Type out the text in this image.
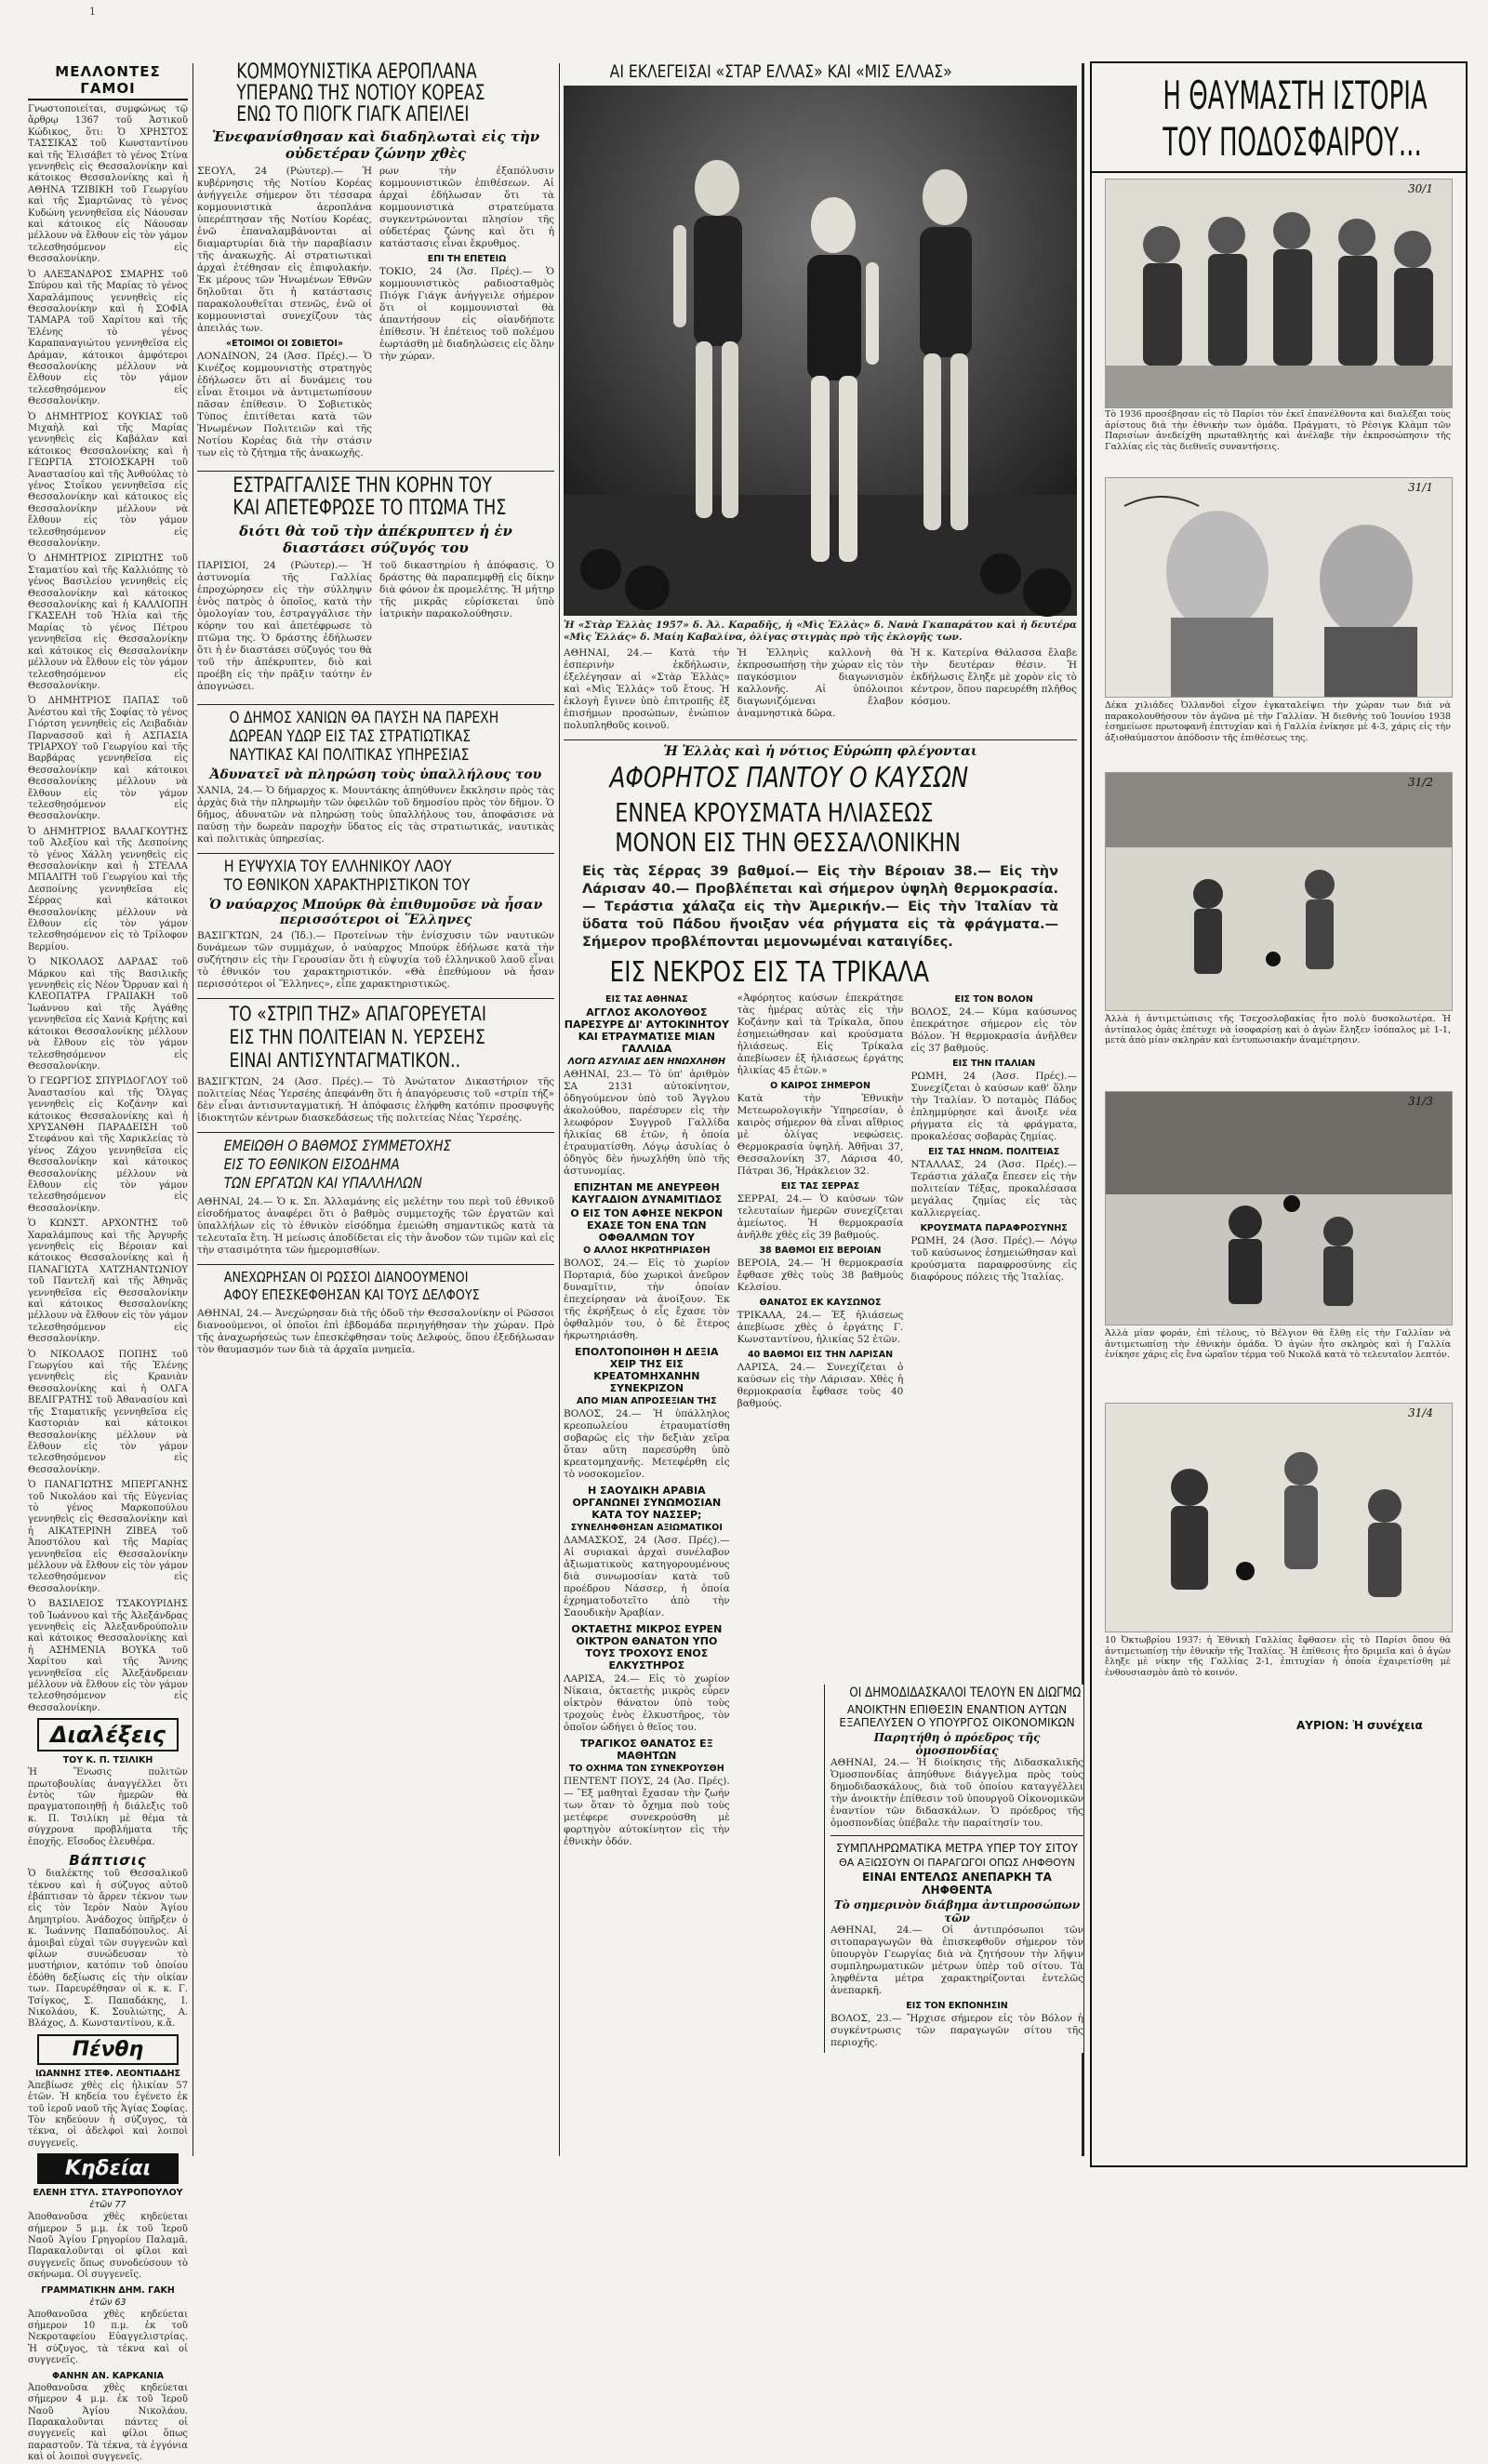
1
ΜΕΛΛΟΝΤΕΣ ΓΑΜΟΙ

Γνωστοποιείται, συμφώνως τῷ ἄρθρῳ 1367 τοῦ Ἀστικοῦ Κώδικος, ὅτι: Ὁ ΧΡΗΣΤΟΣ ΤΑΣΣΙΚΑΣ τοῦ Κωνσταντίνου καὶ τῆς Ἐλισάβετ τὸ γένος Στίνα γεννηθεὶς εἰς Θεσσαλονίκην καὶ κάτοικος Θεσσαλονίκης καὶ ἡ ΑΘΗΝΑ ΤΖΙΒΙΚΗ τοῦ Γεωργίου καὶ τῆς Σμαρτῶνας τὸ γένος Κυδώνη γεννηθεῖσα εἰς Νάουσαν καὶ κάτοικος εἰς Νάουσαν μέλλουν νὰ ἔλθουν εἰς τὸν γάμον τελεσθησόμενον εἰς Θεσσαλονίκην.

Ὁ ΑΛΕΞΑΝΔΡΟΣ ΣΜΑΡΗΣ τοῦ Σπύρου καὶ τῆς Μαρίας τὸ γένος Χαραλάμπους γεννηθεὶς εἰς Θεσσαλονίκην καὶ ἡ ΣΟΦΙΑ ΤΑΜΑΡΑ τοῦ Χαρίτου καὶ τῆς Ἐλένης τὸ γένος Καραπαναγιώτου γεννηθεῖσα εἰς Δράμαν, κάτοικοι ἀμφότεροι Θεσσαλονίκης μέλλουν νὰ ἔλθουν εἰς τὸν γάμον τελεσθησόμενον εἰς Θεσσαλονίκην.

Ὁ ΔΗΜΗΤΡΙΟΣ ΚΟΥΚΙΑΣ τοῦ Μιχαὴλ καὶ τῆς Μαρίας γεννηθεὶς εἰς Καβάλαν καὶ κάτοικος Θεσσαλονίκης καὶ ἡ ΓΕΩΡΓΙΑ ΣΤΟΙΟΣΚΑΡΗ τοῦ Ἀναστασίου καὶ τῆς Ἀνθούλας τὸ γένος Στοΐκου γεννηθεῖσα εἰς Θεσσαλονίκην καὶ κάτοικος εἰς Θεσσαλονίκην μέλλουν νὰ ἔλθουν εἰς τὸν γάμον τελεσθησόμενον εἰς Θεσσαλονίκην.

Ὁ ΔΗΜΗΤΡΙΟΣ ΖΙΡΙΩΤΗΣ τοῦ Σταματίου καὶ τῆς Καλλιόπης τὸ γένος Βασιλείου γεννηθεὶς εἰς Θεσσαλονίκην καὶ κάτοικος Θεσσαλονίκης καὶ ἡ ΚΑΛΛΙΟΠΗ ΓΚΑΣΕΛΗ τοῦ Ἠλία καὶ τῆς Μαρίας τὸ γένος Πέτρου γεννηθεῖσα εἰς Θεσσαλονίκην καὶ κάτοικος εἰς Θεσσαλονίκην μέλλουν νὰ ἔλθουν εἰς τὸν γάμον τελεσθησόμενον εἰς Θεσσαλονίκην.

Ὁ ΔΗΜΗΤΡΙΟΣ ΠΑΠΑΣ τοῦ Ἀνέστου καὶ τῆς Σοφίας τὸ γένος Γιόρτση γεννηθεὶς εἰς Λειβαδιὰν Παρνασσοῦ καὶ ἡ ΑΣΠΑΣΙΑ ΤΡΙΑΡΧΟΥ τοῦ Γεωργίου καὶ τῆς Βαρβάρας γεννηθεῖσα εἰς Θεσσαλονίκην καὶ κάτοικοι Θεσσαλονίκης μέλλουν νὰ ἔλθουν εἰς τὸν γάμον τελεσθησόμενον εἰς Θεσσαλονίκην.

Ὁ ΔΗΜΗΤΡΙΟΣ ΒΑΛΑΓΚΟΥΤΗΣ τοῦ Ἀλεξίου καὶ τῆς Δεσποίνης τὸ γένος Χάλλη γεννηθεὶς εἰς Θεσσαλονίκην καὶ ἡ ΣΤΕΛΛΑ ΜΠΑΛΙΤΗ τοῦ Γεωργίου καὶ τῆς Δεσποίνης γεννηθεῖσα εἰς Σέρρας καὶ κάτοικοι Θεσσαλονίκης μέλλουν νὰ ἔλθουν εἰς τὸν γάμον τελεσθησόμενον εἰς τὸ Τρίλοφον Βερμίου.

Ὁ ΝΙΚΟΛΑΟΣ ΔΑΡΔΑΣ τοῦ Μάρκου καὶ τῆς Βασιλικῆς γεννηθεὶς εἰς Νέον Ὄρρυαν καὶ ἡ ΚΛΕΟΠΑΤΡΑ ΓΡΑΙΙΑΚΗ τοῦ Ἰωάννου καὶ τῆς Ἀγάθης γεννηθεῖσα εἰς Χανιὰ Κρήτης καὶ κάτοικοι Θεσσαλονίκης μέλλουν νὰ ἔλθουν εἰς τὸν γάμον τελεσθησόμενον εἰς Θεσσαλονίκην.

Ὁ ΓΕΩΡΓΙΟΣ ΣΠΥΡΙΔΟΓΛΟΥ τοῦ Ἀναστασίου καὶ τῆς Ὄλγας γεννηθεὶς εἰς Κοζάνην καὶ κάτοικος Θεσσαλονίκης καὶ ἡ ΧΡΥΣΑΝΘΗ ΠΑΡΑΔΕΙΣΗ τοῦ Στεφάνου καὶ τῆς Χαρικλείας τὸ γένος Ζάχου γεννηθεῖσα εἰς Θεσσαλονίκην καὶ κάτοικος Θεσσαλονίκης μέλλουν νὰ ἔλθουν εἰς τὸν γάμον τελεσθησόμενον εἰς Θεσσαλονίκην.

Ὁ ΚΩΝΣΤ. ΑΡΧΟΝΤΗΣ τοῦ Χαραλάμπους καὶ τῆς Ἀργυρῆς γεννηθεὶς εἰς Βέροιαν καὶ κάτοικος Θεσσαλονίκης καὶ ἡ ΠΑΝΑΓΙΩΤΑ ΧΑΤΖΗΑΝΤΩΝΙΟΥ τοῦ Παντελῆ καὶ τῆς Ἀθηνᾶς γεννηθεῖσα εἰς Θεσσαλονίκην καὶ κάτοικος Θεσσαλονίκης μέλλουν νὰ ἔλθουν εἰς τὸν γάμον τελεσθησόμενον εἰς Θεσσαλονίκην.

Ὁ ΝΙΚΟΛΑΟΣ ΠΟΠΗΣ τοῦ Γεωργίου καὶ τῆς Ἑλένης γεννηθεὶς εἰς Κρανιὰν Θεσσαλονίκης καὶ ἡ ΟΛΓΑ ΒΕΛΙΓΡΑΤΗΣ τοῦ Ἀθανασίου καὶ τῆς Σταματικῆς γεννηθεῖσα εἰς Καστοριὰν καὶ κάτοικοι Θεσσαλονίκης μέλλουν νὰ ἔλθουν εἰς τὸν γάμον τελεσθησόμενον εἰς Θεσσαλονίκην.

Ὁ ΠΑΝΑΓΙΩΤΗΣ ΜΠΕΡΓΑΝΗΣ τοῦ Νικολάου καὶ τῆς Εὐγενίας τὸ γένος Μαρκοπούλου γεννηθεὶς εἰς Θεσσαλονίκην καὶ ἡ ΑΙΚΑΤΕΡΙΝΗ ΖΙΒΕΑ τοῦ Ἀποστόλου καὶ τῆς Μαρίας γεννηθεῖσα εἰς Θεσσαλονίκην μέλλουν νὰ ἔλθουν εἰς τὸν γάμον τελεσθησόμενον εἰς Θεσσαλονίκην.

Ὁ ΒΑΣΙΛΕΙΟΣ ΤΣΑΚΟΥΡΙΔΗΣ τοῦ Ἰωάννου καὶ τῆς Ἀλεξάνδρας γεννηθεὶς εἰς Ἀλεξανδρούπολιν καὶ κάτοικος Θεσσαλονίκης καὶ ἡ ΑΣΗΜΕΝΙΑ ΒΟΥΚΑ τοῦ Χαρίτου καὶ τῆς Ἄννης γεννηθεῖσα εἰς Ἀλεξάνδρειαν μέλλουν νὰ ἔλθουν εἰς τὸν γάμον τελεσθησόμενον εἰς Θεσσαλονίκην.

Διαλέξεις
ΤΟΥ Κ. Π. ΤΣΙΛΙΚΗ

Ἡ Ἕνωσις πολιτῶν πρωτοβουλίας ἀναγγέλλει ὅτι ἐντὸς τῶν ἡμερῶν θὰ πραγματοποιηθῇ ἡ διάλεξις τοῦ κ. Π. Τσιλίκη μὲ θέμα τὰ σύγχρονα προβλήματα τῆς ἐποχῆς. Εἴσοδος ἐλευθέρα.

Βάπτισις

Ὁ διαλέκτης τοῦ Θεσσαλικοῦ τέκνου καὶ ἡ σύζυγος αὐτοῦ ἐβάπτισαν τὸ ἄρρεν τέκνον των εἰς τὸν Ἱερὸν Ναὸν Ἁγίου Δημητρίου. Ἀνάδοχος ὑπῆρξεν ὁ κ. Ἰωάννης Παπαδόπουλος. Αἱ ἀμοιβαὶ εὐχαὶ τῶν συγγενῶν καὶ φίλων συνώδευσαν τὸ μυστήριον, κατόπιν τοῦ ὁποίου ἐδόθη δεξίωσις εἰς τὴν οἰκίαν των. Παρευρέθησαν οἱ κ. κ. Γ. Τσίγκος, Σ. Παπαδάκης, Ι. Νικολάου, Κ. Σουλιώτης, Α. Βλάχος, Δ. Κωνσταντίνου, κ.ἄ.

Πένθη
ΙΩΑΝΝΗΣ ΣΤΕΦ. ΛΕΟΝΤΙΑΔΗΣ

Ἀπεβίωσε χθὲς εἰς ἡλικίαν 57 ἐτῶν. Ἡ κηδεία του ἐγένετο ἐκ τοῦ ἱεροῦ ναοῦ τῆς Ἁγίας Σοφίας. Τὸν κηδεύουν ἡ σύζυγος, τὰ τέκνα, οἱ ἀδελφοὶ καὶ λοιποὶ συγγενεῖς.

Κηδείαι
ΕΛΕΝΗ ΣΤΥΛ. ΣΤΑΥΡΟΠΟΥΛΟΥ
ἐτῶν 77

Ἀποθανοῦσα χθὲς κηδεύεται σήμερον 5 μ.μ. ἐκ τοῦ Ἱεροῦ Ναοῦ Ἁγίου Γρηγορίου Παλαμᾶ. Παρακαλοῦνται οἱ φίλοι καὶ συγγενεῖς ὅπως συνοδεύσουν τὸ σκήνωμα. Οἱ συγγενεῖς.

ΓΡΑΜΜΑΤΙΚΗΝ ΔΗΜ. ΓΑΚΗ
ἐτῶν 63

Ἀποθανοῦσα χθὲς κηδεύεται σήμερον 10 π.μ. ἐκ τοῦ Νεκροταφείου Εὐαγγελιστρίας. Ἡ σύζυγος, τὰ τέκνα καὶ οἱ συγγενεῖς.

ΦΑΝΗΝ ΑΝ. ΚΑΡΚΑΝΙΑ

Ἀποθανοῦσα χθὲς κηδεύεται σήμερον 4 μ.μ. ἐκ τοῦ Ἱεροῦ Ναοῦ Ἁγίου Νικολάου. Παρακαλοῦνται πάντες οἱ συγγενεῖς καὶ φίλοι ὅπως παραστοῦν. Τὰ τέκνα, τὰ ἐγγόνια καὶ οἱ λοιποὶ συγγενεῖς.

ΚΟΜΜΟΥΝΙΣΤΙΚΑ ΑΕΡΟΠΛΑΝΑ
ΥΠΕΡΑΝΩ ΤΗΣ ΝΟΤΙΟΥ ΚΟΡΕΑΣ
ΕΝΩ ΤΟ ΠΙΟΓΚ ΓΙΑΓΚ ΑΠΕΙΛΕΙ
Ἐνεφανίσθησαν καὶ διαδηλωταὶ εἰς τὴν οὐδετέραν ζώνην χθὲς

ΣΕΟΥΛ, 24 (Ρώυτερ).— Ἡ κυβέρνησις τῆς Νοτίου Κορέας ἀνήγγειλε σήμερον ὅτι τέσσαρα κομμουνιστικὰ ἀεροπλάνα ὑπερέπτησαν τῆς Νοτίου Κορέας, ἐνῶ ἐπαναλαμβάνονται αἱ διαμαρτυρίαι διὰ τὴν παραβίασιν τῆς ἀνακωχῆς. Αἱ στρατιωτικαὶ ἀρχαὶ ἐτέθησαν εἰς ἐπιφυλακήν. Ἐκ μέρους τῶν Ἡνωμένων Ἐθνῶν δηλοῦται ὅτι ἡ κατάστασις παρακολουθεῖται στενῶς, ἐνῶ οἱ κομμουνισταὶ συνεχίζουν τὰς ἀπειλάς των.

«ΕΤΟΙΜΟΙ ΟΙ ΣΟΒΙΕΤΟΙ»

ΛΟΝΔΙΝΟΝ, 24 (Ἀσσ. Πρές).— Ὁ Κινέζος κομμουνιστὴς στρατηγὸς ἐδήλωσεν ὅτι αἱ δυνάμεις του εἶναι ἕτοιμοι νὰ ἀντιμετωπίσουν πᾶσαν ἐπίθεσιν. Ὁ Σοβιετικὸς Τύπος ἐπιτίθεται κατὰ τῶν Ἡνωμένων Πολιτειῶν καὶ τῆς Νοτίου Κορέας διὰ τὴν στάσιν των εἰς τὸ ζήτημα τῆς ἀνακωχῆς.

ρων τὴν ἐξαπόλυσιν κομμουνιστικῶν ἐπιθέσεων. Αἱ ἀρχαὶ ἐδήλωσαν ὅτι τὰ κομμουνιστικὰ στρατεύματα συγκεντρώνονται πλησίον τῆς οὐδετέρας ζώνης καὶ ὅτι ἡ κατάστασις εἶναι ἔκρυθμος.

ΕΠΙ ΤΗ ΕΠΕΤΕΙΩ

ΤΟΚΙΟ, 24 (Ἀσ. Πρές).— Ὁ κομμουνιστικὸς ραδιοσταθμὸς Πιόγκ Γιάγκ ἀνήγγειλε σήμερον ὅτι οἱ κομμουνισταὶ θὰ ἀπαντήσουν εἰς οἱανδήποτε ἐπίθεσιν. Ἡ ἐπέτειος τοῦ πολέμου ἐωρτάσθη μὲ διαδηλώσεις εἰς ὅλην τὴν χώραν.

ΕΣΤΡΑΓΓΑΛΙΣΕ ΤΗΝ ΚΟΡΗΝ ΤΟΥ
ΚΑΙ ΑΠΕΤΕΦΡΩΣΕ ΤΟ ΠΤΩΜΑ ΤΗΣ
διότι θὰ τοῦ τὴν ἀπέκρυπτεν ἡ ἐν διαστάσει σύζυγός του

ΠΑΡΙΣΙΟΙ, 24 (Ρώυτερ).— Ἡ ἀστυνομία τῆς Γαλλίας ἐπροχώρησεν εἰς τὴν σύλληψιν ἑνὸς πατρὸς ὁ ὁποῖος, κατὰ τὴν ὁμολογίαν του, ἐστραγγάλισε τὴν κόρην του καὶ ἀπετέφρωσε τὸ πτῶμα της. Ὁ δράστης ἐδήλωσεν ὅτι ἡ ἐν διαστάσει σύζυγός του θὰ τοῦ τὴν ἀπέκρυπτεν, διὸ καὶ προέβη εἰς τὴν πρᾶξιν ταύτην ἐν ἀπογνώσει.

τοῦ δικαστηρίου ἡ ἀπόφασις. Ὁ δράστης θὰ παραπεμφθῇ εἰς δίκην διὰ φόνον ἐκ προμελέτης. Ἡ μήτηρ τῆς μικρᾶς εὑρίσκεται ὑπὸ ἰατρικὴν παρακολούθησιν.

Ο ΔΗΜΟΣ ΧΑΝΙΩΝ ΘΑ ΠΑΥΣΗ ΝΑ ΠΑΡΕΧΗ
ΔΩΡΕΑΝ ΥΔΩΡ ΕΙΣ ΤΑΣ ΣΤΡΑΤΙΩΤΙΚΑΣ
ΝΑΥΤΙΚΑΣ ΚΑΙ ΠΟΛΙΤΙΚΑΣ ΥΠΗΡΕΣΙΑΣ
Ἀδυνατεῖ νὰ πληρώση τοὺς ὑπαλλήλους του

ΧΑΝΙΑ, 24.— Ὁ δήμαρχος κ. Μουντάκης ἀπηύθυνεν ἔκκλησιν πρὸς τὰς ἀρχὰς διὰ τὴν πληρωμὴν τῶν ὀφειλῶν τοῦ δημοσίου πρὸς τὸν δῆμον. Ὁ δῆμος, ἀδυνατῶν νὰ πληρώσῃ τοὺς ὑπαλλήλους του, ἀποφάσισε νὰ παύσῃ τὴν δωρεὰν παροχὴν ὕδατος εἰς τὰς στρατιωτικάς, ναυτικὰς καὶ πολιτικὰς ὑπηρεσίας.

Η ΕΥΨΥΧΙΑ ΤΟΥ ΕΛΛΗΝΙΚΟΥ ΛΑΟΥ
ΤΟ ΕΘΝΙΚΟΝ ΧΑΡΑΚΤΗΡΙΣΤΙΚΟΝ ΤΟΥ
Ὁ ναύαρχος Μπούρκ θὰ ἐπιθυμοῦσε νὰ ἦσαν περισσότεροι οἱ Ἕλληνες

ΒΑΣΙΓΚΤΩΝ, 24 (Ἰδ.).— Προτείνων τὴν ἐνίσχυσιν τῶν ναυτικῶν δυνάμεων τῶν συμμάχων, ὁ ναύαρχος Μπούρκ ἐδήλωσε κατὰ τὴν συζήτησιν εἰς τὴν Γερουσίαν ὅτι ἡ εὐψυχία τοῦ ἑλληνικοῦ λαοῦ εἶναι τὸ ἐθνικόν του χαρακτηριστικόν. «Θὰ ἐπεθύμουν νὰ ἦσαν περισσότεροι οἱ Ἕλληνες», εἶπε χαρακτηριστικῶς.

ΤΟ «ΣΤΡΙΠ ΤΗΖ» ΑΠΑΓΟΡΕΥΕΤΑΙ
ΕΙΣ ΤΗΝ ΠΟΛΙΤΕΙΑΝ Ν. ΥΕΡΣΕΗΣ
ΕΙΝΑΙ ΑΝΤΙΣΥΝΤΑΓΜΑΤΙΚΟΝ..

ΒΑΣΙΓΚΤΩΝ, 24 (Ἀσσ. Πρές).— Τὸ Ἀνώτατον Δικαστήριον τῆς πολιτείας Νέας Ὑερσέης ἀπεφάνθη ὅτι ἡ ἀπαγόρευσις τοῦ «στρίπ τήζ» δὲν εἶναι ἀντισυνταγματική. Ἡ ἀπόφασις ἐλήφθη κατόπιν προσφυγῆς ἰδιοκτητῶν κέντρων διασκεδάσεως τῆς πολιτείας Νέας Ὑερσέης.

ΕΜΕΙΩΘΗ Ο ΒΑΘΜΟΣ ΣΥΜΜΕΤΟΧΗΣ
ΕΙΣ ΤΟ ΕΘΝΙΚΟΝ ΕΙΣΟΔΗΜΑ
ΤΩΝ ΕΡΓΑΤΩΝ ΚΑΙ ΥΠΑΛΛΗΛΩΝ

ΑΘΗΝΑΙ, 24.— Ὁ κ. Σπ. Ἀλλαμάνης εἰς μελέτην του περὶ τοῦ ἐθνικοῦ εἰσοδήματος ἀναφέρει ὅτι ὁ βαθμὸς συμμετοχῆς τῶν ἐργατῶν καὶ ὑπαλλήλων εἰς τὸ ἐθνικὸν εἰσόδημα ἐμειώθη σημαντικῶς κατὰ τὰ τελευταῖα ἔτη. Ἡ μείωσις ἀποδίδεται εἰς τὴν ἄνοδον τῶν τιμῶν καὶ εἰς τὴν στασιμότητα τῶν ἡμερομισθίων.

ΑΝΕΧΩΡΗΣΑΝ ΟΙ ΡΩΣΣΟΙ ΔΙΑΝΟΟΥΜΕΝΟΙ
ΑΦΟΥ ΕΠΕΣΚΕΦΘΗΣΑΝ ΚΑΙ ΤΟΥΣ ΔΕΛΦΟΥΣ

ΑΘΗΝΑΙ, 24.— Ἀνεχώρησαν διὰ τῆς ὁδοῦ τὴν Θεσσαλονίκην οἱ Ρῶσσοι διανοούμενοι, οἱ ὁποῖοι ἐπὶ ἑβδομάδα περιηγήθησαν τὴν χώραν. Πρὸ τῆς ἀναχωρήσεώς των ἐπεσκέφθησαν τοὺς Δελφούς, ὅπου ἐξεδήλωσαν τὸν θαυμασμόν των διὰ τὰ ἀρχαῖα μνημεῖα.

ΑΙ ΕΚΛΕΓΕΙΣΑΙ «ΣΤΑΡ ΕΛΛΑΣ» ΚΑΙ «ΜΙΣ ΕΛΛΑΣ»

Ἡ «Στὰρ Ἑλλὰς 1957» δ. Ἀλ. Καραδῆς, ἡ «Μὶς Ἑλλὰς» δ. Νανὰ Γκαπαράτου καὶ ἡ δευτέρα «Μὶς Ἑλλάς» δ. Μαίη Καβαλίνα, ὀλίγας στιγμὰς πρὸ τῆς ἐκλογῆς των.

ΑΘΗΝΑΙ, 24.— Κατὰ τὴν ἐσπερινὴν ἐκδήλωσιν, ἐξελέγησαν αἱ «Στὰρ Ἑλλὰς» καὶ «Μὶς Ἑλλάς» τοῦ ἔτους. Ἡ ἐκλογὴ ἔγινεν ὑπὸ ἐπιτροπῆς ἐξ ἐπισήμων προσώπων, ἐνώπιον πολυπληθοῦς κοινοῦ.

Ἡ Ἑλληνὶς καλλονὴ θὰ ἐκπροσωπήσῃ τὴν χώραν εἰς τὸν παγκόσμιον διαγωνισμὸν καλλονῆς. Αἱ ὑπόλοιποι διαγωνιζόμεναι ἔλαβον ἀναμνηστικὰ δῶρα.

Ἡ κ. Κατερίνα Θάλασσα ἔλαβε τὴν δευτέραν θέσιν. Ἡ ἐκδήλωσις ἔληξε μὲ χορὸν εἰς τὸ κέντρον, ὅπου παρευρέθη πλῆθος κόσμου.

Ἡ Ἑλλὰς καὶ ἡ νότιος Εὐρώπη φλέγονται
ΑΦΟΡΗΤΟΣ ΠΑΝΤΟΥ Ο ΚΑΥΣΩΝ
ΕΝΝΕΑ ΚΡΟΥΣΜΑΤΑ ΗΛΙΑΣΕΩΣ
ΜΟΝΟΝ ΕΙΣ ΤΗΝ ΘΕΣΣΑΛΟΝΙΚΗΝ

Εἰς τὰς Σέρρας 39 βαθμοί.— Εἰς τὴν Βέροιαν 38.— Εἰς τὴν Λάρισαν 40.— Προβλέπεται καὶ σήμερον ὑψηλὴ θερμοκρασία.— Τεράστια χάλαζα εἰς τὴν Ἀμερικήν.— Εἰς τὴν Ἰταλίαν τὰ ὕδατα τοῦ Πάδου ἤνοιξαν νέα ρήγματα εἰς τὰ φράγματα.— Σήμερον προβλέπονται μεμονωμέναι καταιγίδες.

ΕΙΣ ΝΕΚΡΟΣ ΕΙΣ ΤΑ ΤΡΙΚΑΛΑ
ΕΙΣ ΤΑΣ ΑΘΗΝΑΣ
ΑΓΓΛΟΣ ΑΚΟΛΟΥΘΟΣ ΠΑΡΕΣΥΡΕ ΔΙ' ΑΥΤΟΚΙΝΗΤΟΥ ΚΑΙ ΕΤΡΑΥΜΑΤΙΣΕ ΜΙΑΝ ΓΑΛΛΙΔΑ
ΛΟΓΩ ΑΣΥΛΙΑΣ ΔΕΝ ΗΝΩΧΛΗΘΗ

ΑΘΗΝΑΙ, 23.— Τὸ ὑπ' ἀριθμὸν ΣΑ 2131 αὐτοκίνητον, ὁδηγούμενον ὑπὸ τοῦ Ἄγγλου ἀκολούθου, παρέσυρεν εἰς τὴν λεωφόρον Συγγροῦ Γαλλίδα ἡλικίας 68 ἐτῶν, ἡ ὁποία ἐτραυματίσθη. Λόγῳ ἀσυλίας ὁ ὁδηγὸς δὲν ἠνωχλήθη ὑπὸ τῆς ἀστυνομίας.

ΕΠΙΖΗΤΑΝ ΜΕ ΑΝΕΥΡΕΘΗ ΚΑΥΓΑΔΙΟΝ ΔΥΝΑΜΙΤΙΔΟΣ
Ο ΕΙΣ ΤΟΝ ΑΦΗΣΕ ΝΕΚΡΟΝ ΕΧΑΣΕ ΤΟΝ ΕΝΑ ΤΩΝ ΟΦΘΑΛΜΩΝ ΤΟΥ
Ο ΑΛΛΟΣ ΗΚΡΩΤΗΡΙΑΣΘΗ

ΒΟΛΟΣ, 24.— Εἰς τὸ χωρίον Πορταριά, δύο χωρικοὶ ἀνεῦρον δυναμῖτιν, τὴν ὁποίαν ἐπεχείρησαν νὰ ἀνοίξουν. Ἐκ τῆς ἐκρήξεως ὁ εἷς ἔχασε τὸν ὀφθαλμόν του, ὁ δὲ ἕτερος ἠκρωτηριάσθη.

ΕΠΟΛΤΟΠΟΙΗΘΗ Η ΔΕΞΙΑ ΧΕΙΡ ΤΗΣ ΕΙΣ ΚΡΕΑΤΟΜΗΧΑΝΗΝ ΣΥΝΕΚΡΙΖΟΝ
ΑΠΟ ΜΙΑΝ ΑΠΡΟΣΕΞΙΑΝ ΤΗΣ

ΒΟΛΟΣ, 24.— Ἡ ὑπάλληλος κρεοπωλείου ἐτραυματίσθη σοβαρῶς εἰς τὴν δεξιὰν χεῖρα ὅταν αὕτη παρεσύρθη ὑπὸ κρεατομηχανῆς. Μετεφέρθη εἰς τὸ νοσοκομεῖον.

Η ΣΑΟΥΔΙΚΗ ΑΡΑΒΙΑ ΟΡΓΑΝΩΝΕΙ ΣΥΝΩΜΟΣΙΑΝ ΚΑΤΑ ΤΟΥ ΝΑΣΣΕΡ;
ΣΥΝΕΛΗΦΘΗΣΑΝ ΑΞΙΩΜΑΤΙΚΟΙ

ΔΑΜΑΣΚΟΣ, 24 (Ἀσσ. Πρές).— Αἱ συριακαὶ ἀρχαὶ συνέλαβον ἀξιωματικοὺς κατηγορουμένους διὰ συνωμοσίαν κατὰ τοῦ προέδρου Νάσσερ, ἡ ὁποία ἐχρηματοδοτεῖτο ἀπὸ τὴν Σαουδικὴν Ἀραβίαν.

ΟΚΤΑΕΤΗΣ ΜΙΚΡΟΣ ΕΥΡΕΝ ΟΙΚΤΡΟΝ ΘΑΝΑΤΟΝ ΥΠΟ ΤΟΥΣ ΤΡΟΧΟΥΣ ΕΝΟΣ ΕΛΚΥΣΤΗΡΟΣ

ΛΑΡΙΣΑ, 24.— Εἰς τὸ χωρίον Νίκαια, ὀκταετὴς μικρὸς εὗρεν οἰκτρὸν θάνατον ὑπὸ τοὺς τροχοὺς ἑνὸς ἐλκυστῆρος, τὸν ὁποῖον ὡδήγει ὁ θεῖος του.

ΤΡΑΓΙΚΟΣ ΘΑΝΑΤΟΣ ΕΞ ΜΑΘΗΤΩΝ
ΤΟ ΟΧΗΜΑ ΤΩΝ ΣΥΝΕΚΡΟΥΣΘΗ

ΠΕΝΤΕΝΤ ΠΟΥΣ, 24 (Ἀσ. Πρές).— Ἓξ μαθηταὶ ἔχασαν τὴν ζωήν των ὅταν τὸ ὄχημα ποὺ τοὺς μετέφερε συνεκρούσθη μὲ φορτηγὸν αὐτοκίνητον εἰς τὴν ἐθνικὴν ὁδόν.

«Ἀφόρητος καύσων ἐπεκράτησε τὰς ἡμέρας αὐτὰς εἰς τὴν Κοζάνην καὶ τὰ Τρίκαλα, ὅπου ἐσημειώθησαν καὶ κρούσματα ἡλιάσεως. Εἰς Τρίκαλα ἀπεβίωσεν ἐξ ἡλιάσεως ἐργάτης ἡλικίας 45 ἐτῶν.»

Ο ΚΑΙΡΟΣ ΣΗΜΕΡΟΝ

Κατὰ τὴν Ἐθνικὴν Μετεωρολογικὴν Ὑπηρεσίαν, ὁ καιρὸς σήμερον θὰ εἶναι αἴθριος μὲ ὀλίγας νεφώσεις. Θερμοκρασία ὑψηλή. Ἀθῆναι 37, Θεσσαλονίκη 37, Λάρισα 40, Πάτραι 36, Ἡράκλειον 32.

ΕΙΣ ΤΑΣ ΣΕΡΡΑΣ

ΣΕΡΡΑΙ, 24.— Ὁ καύσων τῶν τελευταίων ἡμερῶν συνεχίζεται ἀμείωτος. Ἡ θερμοκρασία ἀνῆλθε χθὲς εἰς 39 βαθμούς.

38 ΒΑΘΜΟΙ ΕΙΣ ΒΕΡΟΙΑΝ

ΒΕΡΟΙΑ, 24.— Ἡ θερμοκρασία ἔφθασε χθὲς τοὺς 38 βαθμοὺς Κελσίου.

ΘΑΝΑΤΟΣ ΕΚ ΚΑΥΣΩΝΟΣ

ΤΡΙΚΑΛΑ, 24.— Ἐξ ἡλιάσεως ἀπεβίωσε χθὲς ὁ ἐργάτης Γ. Κωνσταντίνου, ἡλικίας 52 ἐτῶν.

40 ΒΑΘΜΟΙ ΕΙΣ ΤΗΝ ΛΑΡΙΣΑΝ

ΛΑΡΙΣΑ, 24.— Συνεχίζεται ὁ καύσων εἰς τὴν Λάρισαν. Χθὲς ἡ θερμοκρασία ἔφθασε τοὺς 40 βαθμούς.

ΕΙΣ ΤΟΝ ΒΟΛΟΝ

ΒΟΛΟΣ, 24.— Κύμα καύσωνος ἐπεκράτησε σήμερον εἰς τὸν Βόλον. Ἡ θερμοκρασία ἀνῆλθεν εἰς 37 βαθμούς.

ΕΙΣ ΤΗΝ ΙΤΑΛΙΑΝ

ΡΩΜΗ, 24 (Ἀσσ. Πρές).— Συνεχίζεται ὁ καύσων καθ' ὅλην τὴν Ἰταλίαν. Ὁ ποταμὸς Πάδος ἐπλημμύρησε καὶ ἄνοιξε νέα ρήγματα εἰς τὰ φράγματα, προκαλέσας σοβαρὰς ζημίας.

ΕΙΣ ΤΑΣ ΗΝΩΜ. ΠΟΛΙΤΕΙΑΣ

ΝΤΑΛΛΑΣ, 24 (Ἀσσ. Πρές).— Τεράστια χάλαζα ἔπεσεν εἰς τὴν πολιτείαν Τέξας, προκαλέσασα μεγάλας ζημίας εἰς τὰς καλλιεργείας.

ΚΡΟΥΣΜΑΤΑ ΠΑΡΑΦΡΟΣΥΝΗΣ

ΡΩΜΗ, 24 (Ἀσσ. Πρές).— Λόγῳ τοῦ καύσωνος ἐσημειώθησαν καὶ κρούσματα παραφροσύνης εἰς διαφόρους πόλεις τῆς Ἰταλίας.

ΟΙ ΔΗΜΟΔΙΔΑΣΚΑΛΟΙ ΤΕΛΟΥΝ ΕΝ ΔΙΩΓΜΩ
ΑΝΟΙΚΤΗΝ ΕΠΙΘΕΣΙΝ ΕΝΑΝΤΙΟΝ ΑΥΤΩΝ ΕΞΑΠΕΛΥΣΕΝ Ο ΥΠΟΥΡΓΟΣ ΟΙΚΟΝΟΜΙΚΩΝ
Παρητήθη ὁ πρόεδρος τῆς ὁμοσπονδίας

ΑΘΗΝΑΙ, 24.— Ἡ διοίκησις τῆς Διδασκαλικῆς Ὁμοσπονδίας ἀπηύθυνε διάγγελμα πρὸς τοὺς δημοδιδασκάλους, διὰ τοῦ ὁποίου καταγγέλλει τὴν ἀνοικτὴν ἐπίθεσιν τοῦ ὑπουργοῦ Οἰκονομικῶν ἐναντίον τῶν διδασκάλων. Ὁ πρόεδρος τῆς ὁμοσπονδίας ὑπέβαλε τὴν παραίτησίν του.

ΣΥΜΠΛΗΡΩΜΑΤΙΚΑ ΜΕΤΡΑ ΥΠΕΡ ΤΟΥ ΣΙΤΟΥ
ΘΑ ΑΞΙΩΣΟΥΝ ΟΙ ΠΑΡΑΓΩΓΟΙ ΟΠΩΣ ΛΗΦΘΟΥΝ
ΕΙΝΑΙ ΕΝΤΕΛΩΣ ΑΝΕΠΑΡΚΗ ΤΑ ΛΗΦΘΕΝΤΑ
Τὸ σημερινὸν διάβημα ἀντιπροσώπων τῶν

ΑΘΗΝΑΙ, 24.— Οἱ ἀντιπρόσωποι τῶν σιτοπαραγωγῶν θὰ ἐπισκεφθοῦν σήμερον τὸν ὑπουργὸν Γεωργίας διὰ νὰ ζητήσουν τὴν λῆψιν συμπληρωματικῶν μέτρων ὑπὲρ τοῦ σίτου. Τὰ ληφθέντα μέτρα χαρακτηρίζονται ἐντελῶς ἀνεπαρκῆ.

ΕΙΣ ΤΟΝ ΕΚΠΟΝΗΣΙΝ

ΒΟΛΟΣ, 23.— Ἤρχισε σήμερον εἰς τὸν Βόλον ἡ συγκέντρωσις τῶν παραγωγῶν σίτου τῆς περιοχῆς.

Η ΘΑΥΜΑΣΤΗ ΙΣΤΟΡΙΑ
ΤΟΥ ΠΟΔΟΣΦΑΙΡΟΥ...
30/1

Τὸ 1936 προσέβησαν εἰς τὸ Παρίσι τὸν ἐκεῖ ἐπανέλθοντα καὶ διαλέξαι τοὺς ἀρίστους διὰ τὴν ἐθνικήν των ὁμάδα. Πράγματι, τὸ Ρέσιγκ Κλὰμπ τῶν Παρισίων ἀνεδείχθη πρωταθλητής καὶ ἀνέλαβε τὴν ἐκπροσώπησιν τῆς Γαλλίας εἰς τὰς διεθνεῖς συναντήσεις.

31/1

Δέκα χιλιάδες Ὀλλανδοὶ εἶχον ἐγκαταλείψει τὴν χώραν των διὰ νὰ παρακολουθήσουν τὸν ἀγῶνα μὲ τὴν Γαλλίαν. Ἡ διεθνὴς τοῦ Ἰουνίου 1938 ἐσημείωσε πρωτοφανῆ ἐπιτυχίαν καὶ ἡ Γαλλία ἐνίκησε μὲ 4-3, χάρις εἰς τὴν ἀξιοθαύμαστον ἀπόδοσιν τῆς ἐπιθέσεως της.

31/2

Ἀλλὰ ἡ ἀντιμετώπισις τῆς Τσεχοσλοβακίας ἦτο πολὺ δυσκολωτέρα. Ἡ ἀντίπαλος ὁμὰς ἐπέτυχε νὰ ἰσοφαρίσῃ καὶ ὁ ἀγὼν ἔληξεν ἰσόπαλος μὲ 1-1, μετὰ ἀπὸ μίαν σκληρὰν καὶ ἐντυπωσιακὴν ἀναμέτρησιν.

31/3

Ἀλλὰ μίαν φοράν, ἐπὶ τέλους, τὸ Βέλγιον θὰ ἔλθῃ εἰς τὴν Γαλλίαν νὰ ἀντιμετωπίσῃ τὴν ἐθνικὴν ὁμάδα. Ὁ ἀγὼν ἦτο σκληρὸς καὶ ἡ Γαλλία ἐνίκησε χάρις εἰς ἕνα ὡραῖον τέρμα τοῦ Νικολᾶ κατὰ τὸ τελευταῖον λεπτόν.

31/4

10 Ὀκτωβρίου 1937: ἡ Ἐθνικὴ Γαλλίας ἔφθασεν εἰς τὸ Παρίσι ὅπου θὰ ἀντιμετωπίσῃ τὴν ἐθνικὴν τῆς Ἰταλίας. Ἡ ἐπίθεσις ἦτο δριμεῖα καὶ ὁ ἀγὼν ἔληξε μὲ νίκην τῆς Γαλλίας 2-1, ἐπιτυχίαν ἡ ὁποία ἐχαιρετίσθη μὲ ἐνθουσιασμὸν ἀπὸ τὸ κοινόν.

ΑΥΡΙΟΝ: Ἡ συνέχεια
